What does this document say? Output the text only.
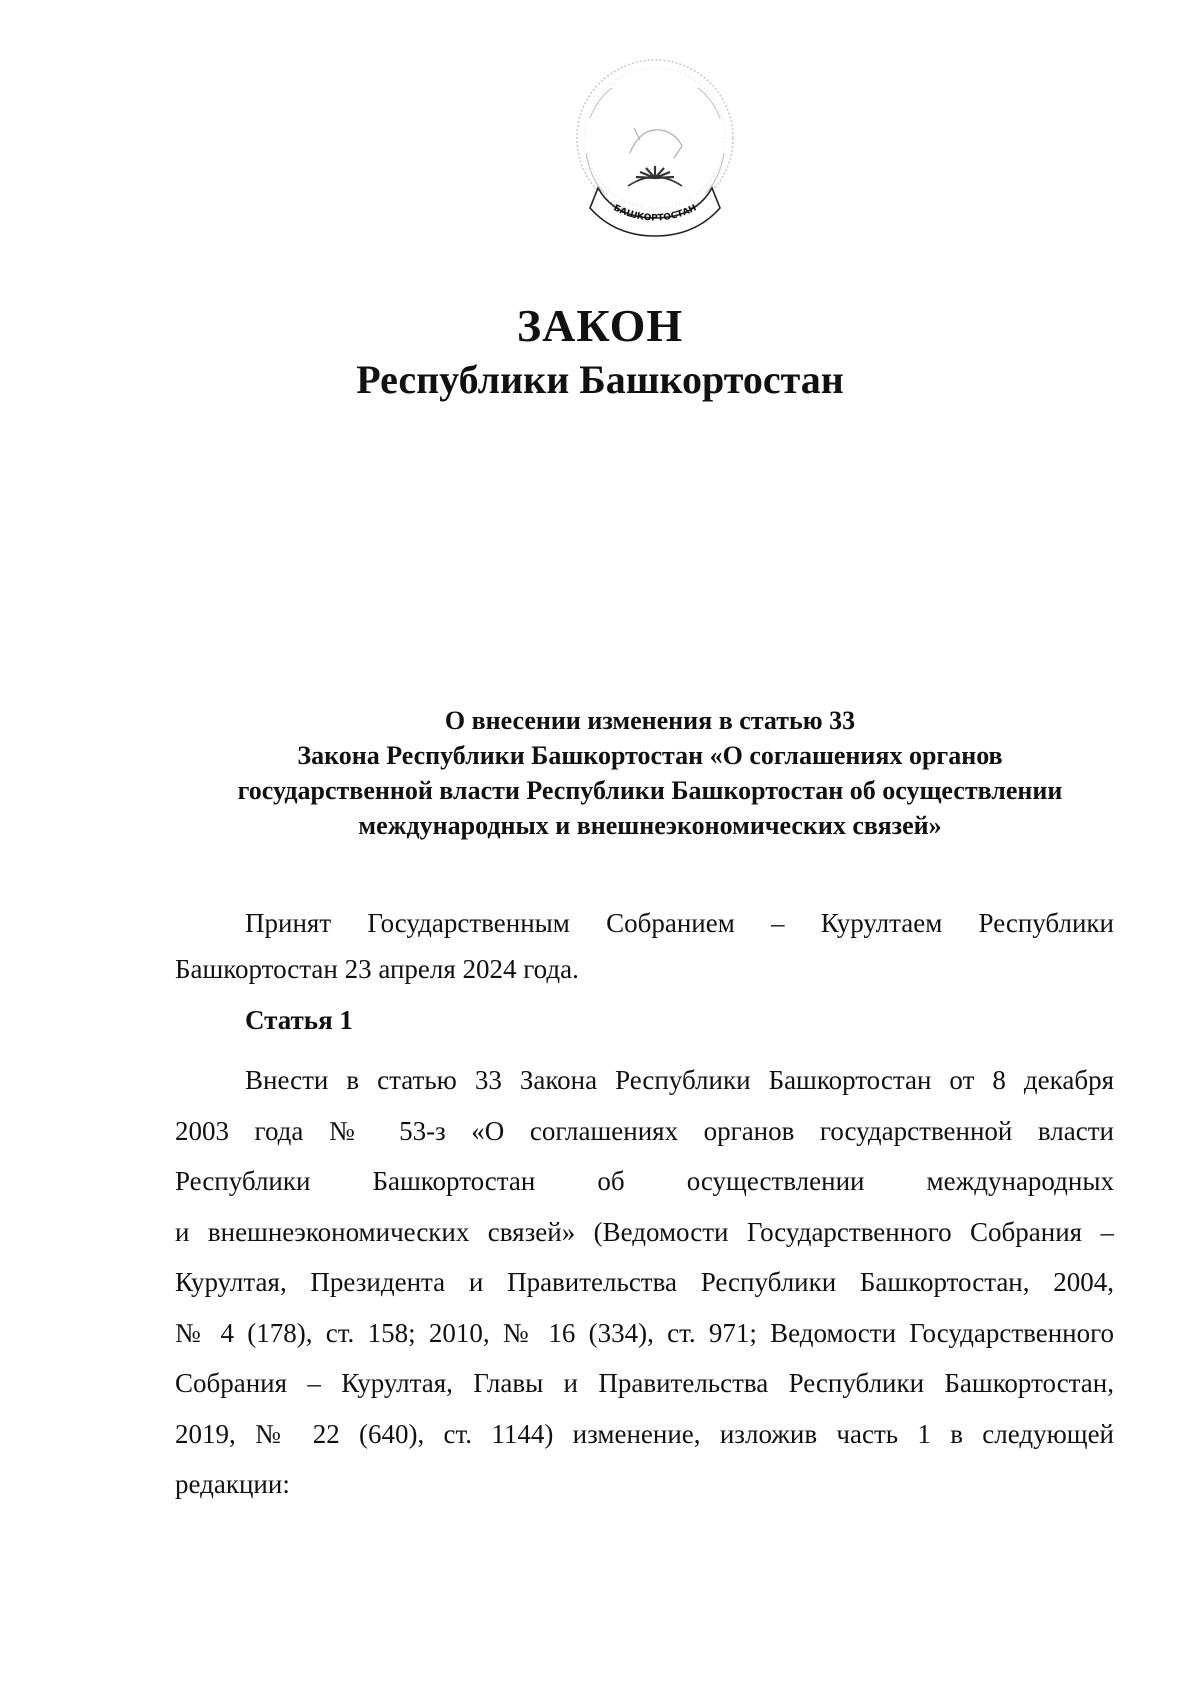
БАШКОРТОСТАН
ЗАКОН
Республики Башкортостан
О внесении изменения в статью 33
Закона Республики Башкортостан «О соглашениях органов
государственной власти Республики Башкортостан об осуществлении
международных и внешнеэкономических связей»
Принят Государственным Собранием – Курултаем Республики Башкортостан 23 апреля 2024 года.
Статья 1
Внести в статью 33 Закона Республики Башкортостан от 8 декабря
2003 года № 53-з «О соглашениях органов государственной власти
Республики Башкортостан об осуществлении международных
и внешнеэкономических связей» (Ведомости Государственного Собрания –
Курултая, Президента и Правительства Республики Башкортостан, 2004,
№ 4 (178), ст. 158; 2010, № 16 (334), ст. 971; Ведомости Государственного
Собрания – Курултая, Главы и Правительства Республики Башкортостан,
2019, № 22 (640), ст. 1144) изменение, изложив часть 1 в следующей
редакции:
